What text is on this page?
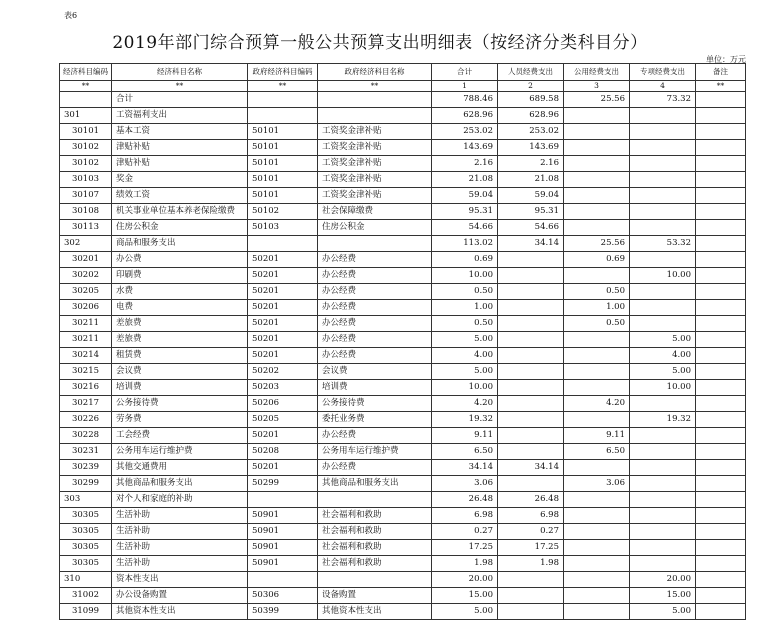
表6
2019年部门综合预算一般公共预算支出明细表（按经济分类科目分）
单位：万元
经济科目编码	经济科目名称	政府经济科目编码	政府经济科目名称	合计	人员经费支出	公用经费支出	专项经费支出	备注
**	**	**	**	1	2	3	4	**
	合计			788.46	689.58	25.56	73.32	
301	工资福利支出			628.96	628.96			
30101	基本工资	50101	工资奖金津补贴	253.02	253.02			
30102	津贴补贴	50101	工资奖金津补贴	143.69	143.69			
30102	津贴补贴	50101	工资奖金津补贴	2.16	2.16			
30103	奖金	50101	工资奖金津补贴	21.08	21.08			
30107	绩效工资	50101	工资奖金津补贴	59.04	59.04			
30108	机关事业单位基本养老保险缴费	50102	社会保障缴费	95.31	95.31			
30113	住房公积金	50103	住房公积金	54.66	54.66			
302	商品和服务支出			113.02	34.14	25.56	53.32	
30201	办公费	50201	办公经费	0.69		0.69		
30202	印刷费	50201	办公经费	10.00			10.00	
30205	水费	50201	办公经费	0.50		0.50		
30206	电费	50201	办公经费	1.00		1.00		
30211	差旅费	50201	办公经费	0.50		0.50		
30211	差旅费	50201	办公经费	5.00			5.00	
30214	租赁费	50201	办公经费	4.00			4.00	
30215	会议费	50202	会议费	5.00			5.00	
30216	培训费	50203	培训费	10.00			10.00	
30217	公务接待费	50206	公务接待费	4.20		4.20		
30226	劳务费	50205	委托业务费	19.32			19.32	
30228	工会经费	50201	办公经费	9.11		9.11		
30231	公务用车运行维护费	50208	公务用车运行维护费	6.50		6.50		
30239	其他交通费用	50201	办公经费	34.14	34.14			
30299	其他商品和服务支出	50299	其他商品和服务支出	3.06		3.06		
303	对个人和家庭的补助			26.48	26.48			
30305	生活补助	50901	社会福利和救助	6.98	6.98			
30305	生活补助	50901	社会福利和救助	0.27	0.27			
30305	生活补助	50901	社会福利和救助	17.25	17.25			
30305	生活补助	50901	社会福利和救助	1.98	1.98			
310	资本性支出			20.00			20.00	
31002	办公设备购置	50306	设备购置	15.00			15.00	
31099	其他资本性支出	50399	其他资本性支出	5.00			5.00	
